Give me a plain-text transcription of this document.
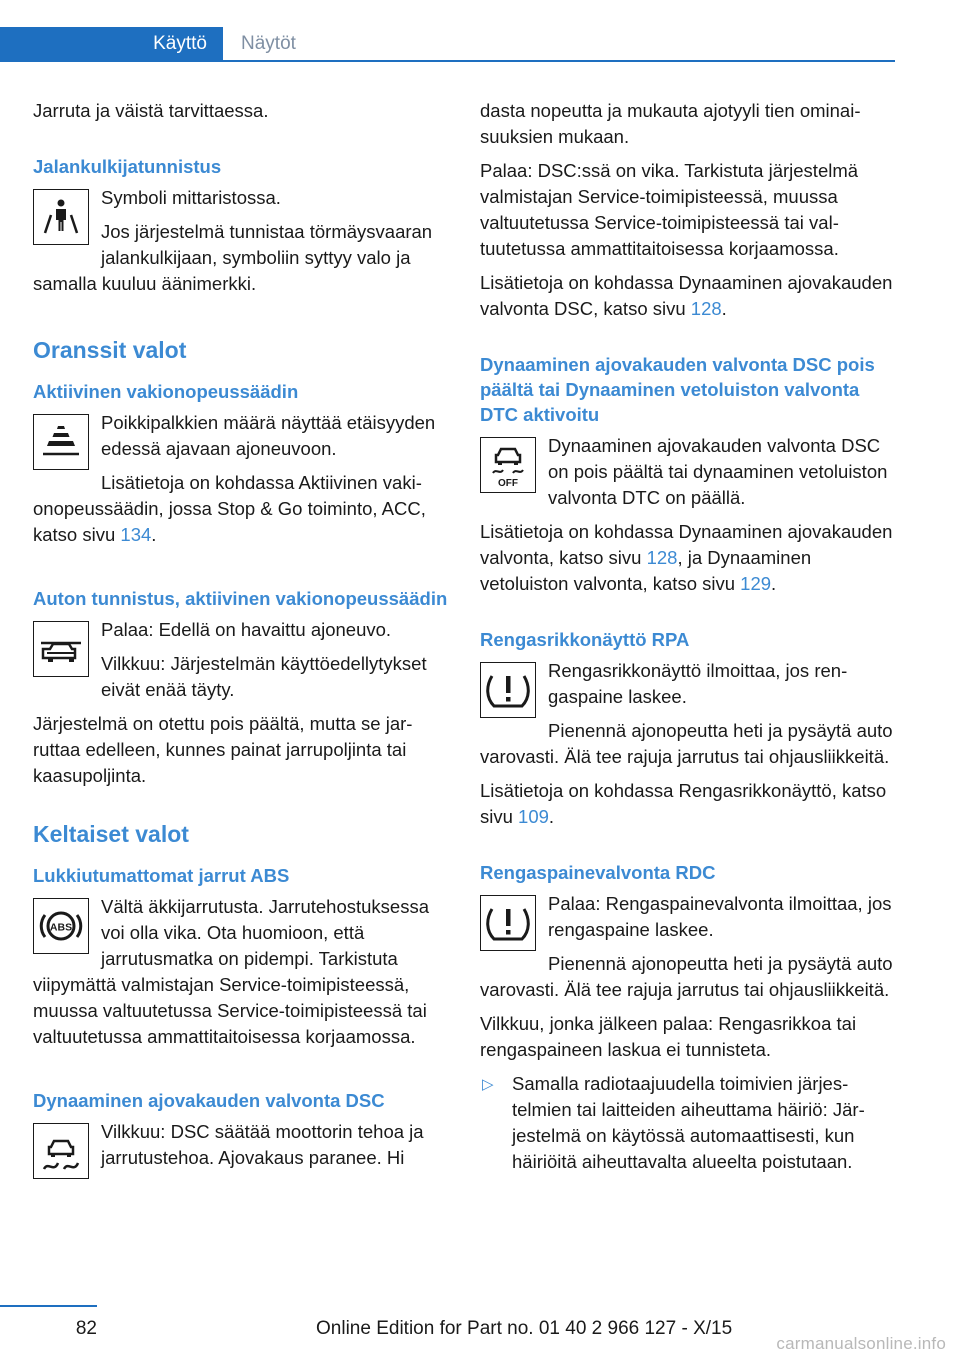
Käyttö Näytöt

Jarruta ja väistä tarvittaessa.

Jalankulkijatunnistus

Symboli mittaristossa.

Jos järjestelmä tunnistaa törmäysvaaran jalankulkijaan, symboliin syttyy valo ja samalla kuuluu äänimerkki.

Oranssit valot
Aktiivinen vakionopeussäädin

Poikkipalkkien määrä näyttää etäisyyden edessä ajavaan ajoneuvoon.

Lisätietoja on kohdassa Aktiivinen vakionopeussäädin, jossa Stop & Go toiminto, ACC, katso sivu 134.

Auton tunnistus, aktiivinen vakionopeussäädin

Palaa: Edellä on havaittu ajoneuvo.

Vilkkuu: Järjestelmän käyttöedellytykset eivät enää täyty.

Järjestelmä on otettu pois päältä, mutta se jarruttaa edelleen, kunnes painat jarrupoljinta tai kaasupoljinta.

Keltaiset valot
Lukkiutumattomat jarrut ABS
ABS

Vältä äkkijarrutusta. Jarrutehostuksessa voi olla vika. Ota huomioon, että jarrutusmatka on pidempi. Tarkistuta viipymättä valmistajan Service-toimipisteessä, muussa valtuutetussa Service-toimipisteessä tai valtuutetussa ammattitaitoisessa korjaamossa.

Dynaaminen ajovakauden valvonta DSC

Vilkkuu: DSC säätää moottorin tehoa ja jarrutustehoa. Ajovakaus paranee. Hi

dasta nopeutta ja mukauta ajotyyli tien ominaisuuksien mukaan.

Palaa: DSC:ssä on vika. Tarkistuta järjestelmä valmistajan Service-toimipisteessä, muussa valtuutetussa Service-toimipisteessä tai valtuutetussa ammattitaitoisessa korjaamossa.

Lisätietoja on kohdassa Dynaaminen ajovakauden valvonta DSC, katso sivu 128.

Dynaaminen ajovakauden valvonta DSC pois päältä tai Dynaaminen vetoluiston valvonta DTC aktivoitu
OFF

Dynaaminen ajovakauden valvonta DSC on pois päältä tai dynaaminen vetoluiston valvonta DTC on päällä.

Lisätietoja on kohdassa Dynaaminen ajovakauden valvonta, katso sivu 128, ja Dynaaminen vetoluiston valvonta, katso sivu 129.

Rengasrikkonäyttö RPA

Rengasrikkonäyttö ilmoittaa, jos rengaspaine laskee.

Pienennä ajonopeutta heti ja pysäytä auto varovasti. Älä tee rajuja jarrutus tai ohjausliikkeitä.

Lisätietoja on kohdassa Rengasrikkonäyttö, katso sivu 109.

Rengaspainevalvonta RDC

Palaa: Rengaspainevalvonta ilmoittaa, jos rengaspaine laskee.

Pienennä ajonopeutta heti ja pysäytä auto varovasti. Älä tee rajuja jarrutus tai ohjausliikkeitä.

Vilkkuu, jonka jälkeen palaa: Rengasrikkoa tai rengaspaineen laskua ei tunnisteta.

▷ Samalla radiotaajuudella toimivien järjestelmien tai laitteiden aiheuttama häiriö: Järjestelmä on käytössä automaattisesti, kun häiriöitä aiheuttavalta alueelta poistutaan.
82	Online Edition for Part no. 01 40 2 966 127 - X/15
carmanualsonline.info
